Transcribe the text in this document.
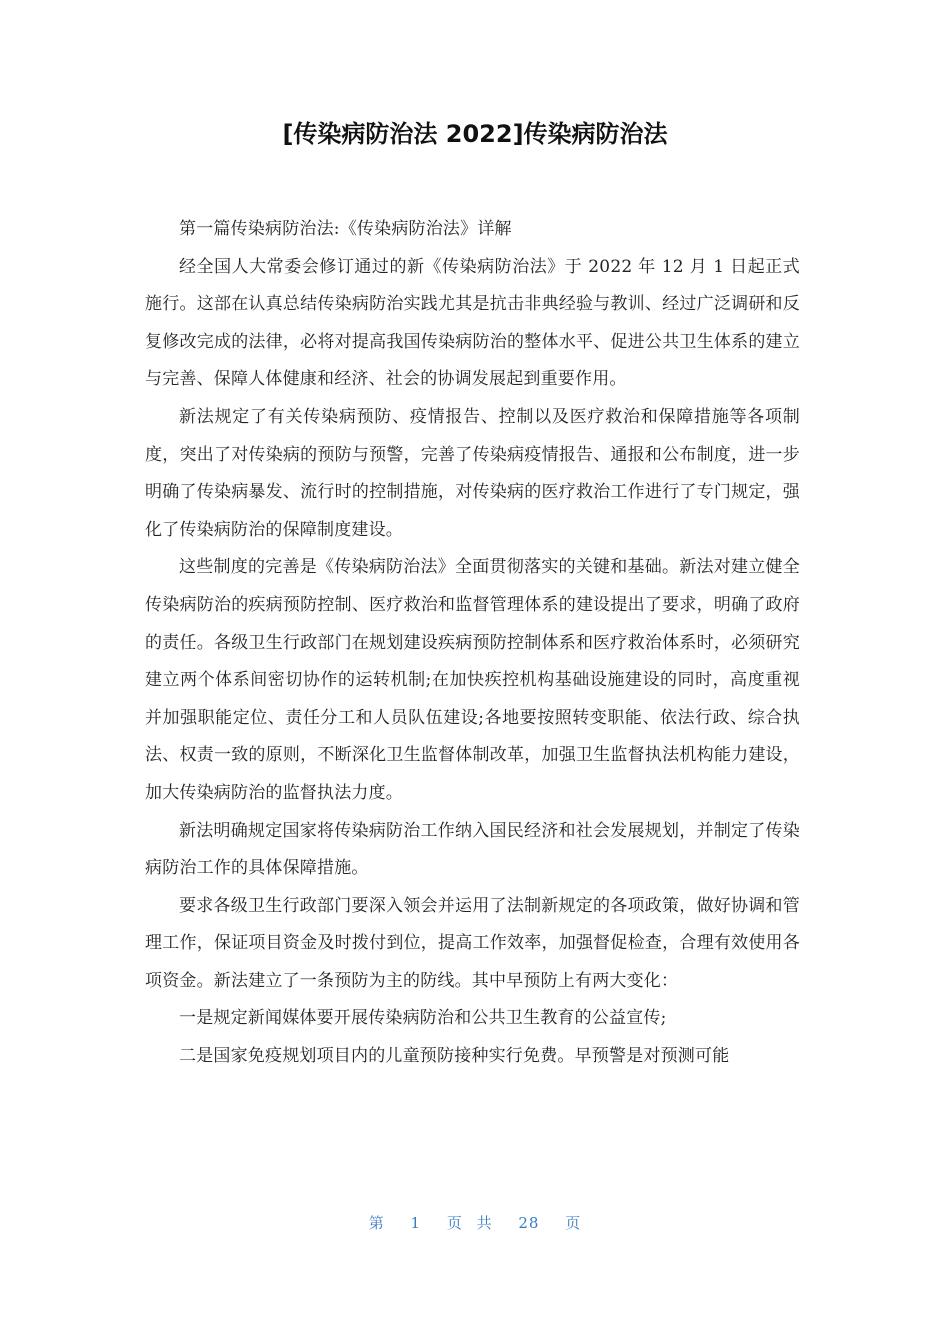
[传染病防治法 2022]传染病防治法

第一篇传染病防治法:《传染病防治法》详解

经全国人大常委会修订通过的新《传染病防治法》于 2022 年 12 月 1 日起正式施行。这部在认真总结传染病防治实践尤其是抗击非典经验与教训、经过广泛调研和反复修改完成的法律，必将对提高我国传染病防治的整体水平、促进公共卫生体系的建立与完善、保障人体健康和经济、社会的协调发展起到重要作用。

新法规定了有关传染病预防、疫情报告、控制以及医疗救治和保障措施等各项制度，突出了对传染病的预防与预警，完善了传染病疫情报告、通报和公布制度，进一步明确了传染病暴发、流行时的控制措施，对传染病的医疗救治工作进行了专门规定，强化了传染病防治的保障制度建设。

这些制度的完善是《传染病防治法》全面贯彻落实的关键和基础。新法对建立健全传染病防治的疾病预防控制、医疗救治和监督管理体系的建设提出了要求，明确了政府的责任。各级卫生行政部门在规划建设疾病预防控制体系和医疗救治体系时，必须研究建立两个体系间密切协作的运转机制;在加快疾控机构基础设施建设的同时，高度重视并加强职能定位、责任分工和人员队伍建设;各地要按照转变职能、依法行政、综合执法、权责一致的原则，不断深化卫生监督体制改革，加强卫生监督执法机构能力建设，加大传染病防治的监督执法力度。

新法明确规定国家将传染病防治工作纳入国民经济和社会发展规划，并制定了传染病防治工作的具体保障措施。

要求各级卫生行政部门要深入领会并运用了法制新规定的各项政策，做好协调和管理工作，保证项目资金及时拨付到位，提高工作效率，加强督促检查，合理有效使用各项资金。新法建立了一条预防为主的防线。其中早预防上有两大变化：

一是规定新闻媒体要开展传染病防治和公共卫生教育的公益宣传;

二是国家免疫规划项目内的儿童预防接种实行免费。早预警是对预测可能

第 1 页 共 28 页
